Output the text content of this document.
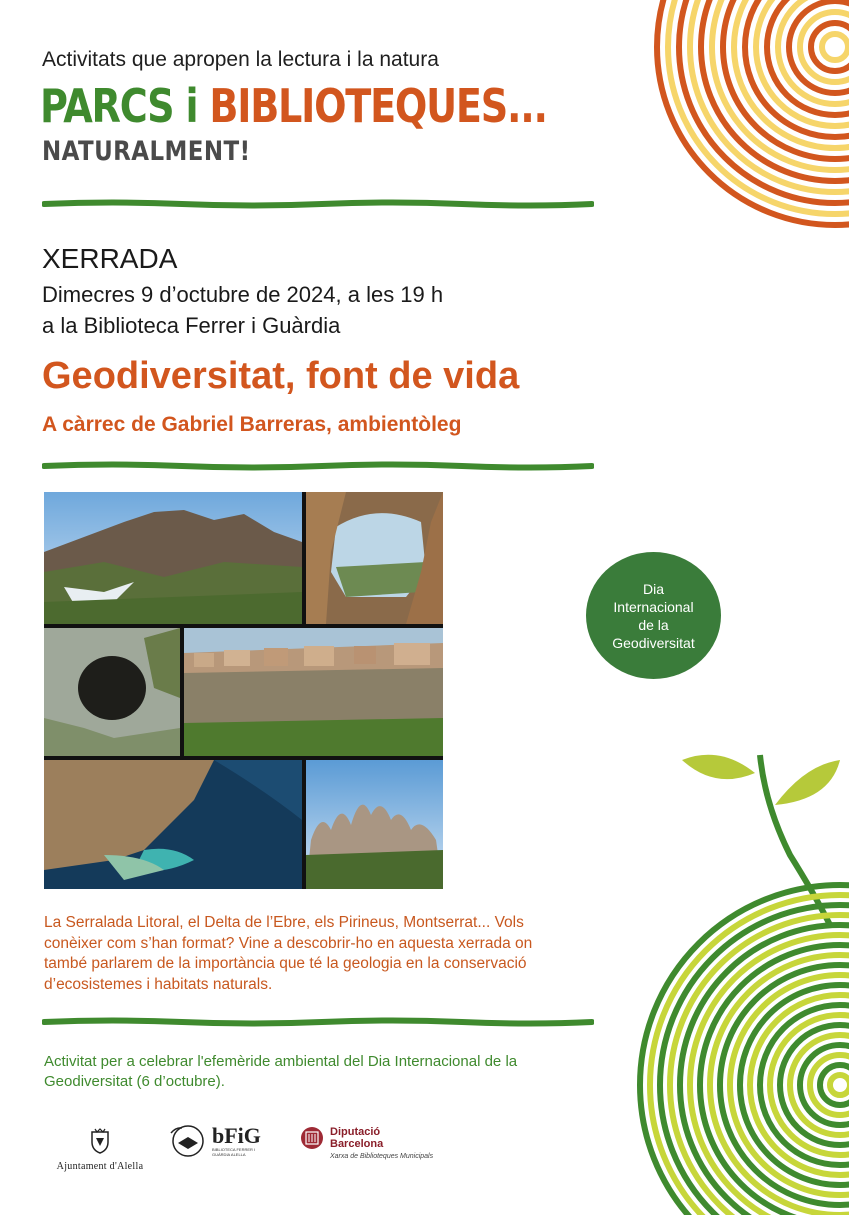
Activitats que apropen la lectura i la natura
PARCS i BIBLIOTEQUES...
NATURALMENT!
XERRADA
Dimecres 9 d’octubre de 2024, a les 19 h
a la Biblioteca Ferrer i Guàrdia
Geodiversitat, font de vida
A càrrec de Gabriel Barreras, ambientòleg
Dia
Internacional
de la
Geodiversitat
La Serralada Litoral, el Delta de l’Ebre, els Pirineus, Montserrat... Vols conèixer com s’han format? Vine a descobrir-ho en aquesta xerrada on també parlarem de la importància que té la geologia en la conservació d’ecosistemes i habitats naturals.
Activitat per a celebrar l'efemèride ambiental del Dia Internacional de la Geodiversitat (6 d’octubre).
Ajuntament d'Alella
bFiG
BIBLIOTECA FERRER I GUÀRDIA ALELLA
Diputació
Barcelona
Xarxa de Biblioteques Municipals
